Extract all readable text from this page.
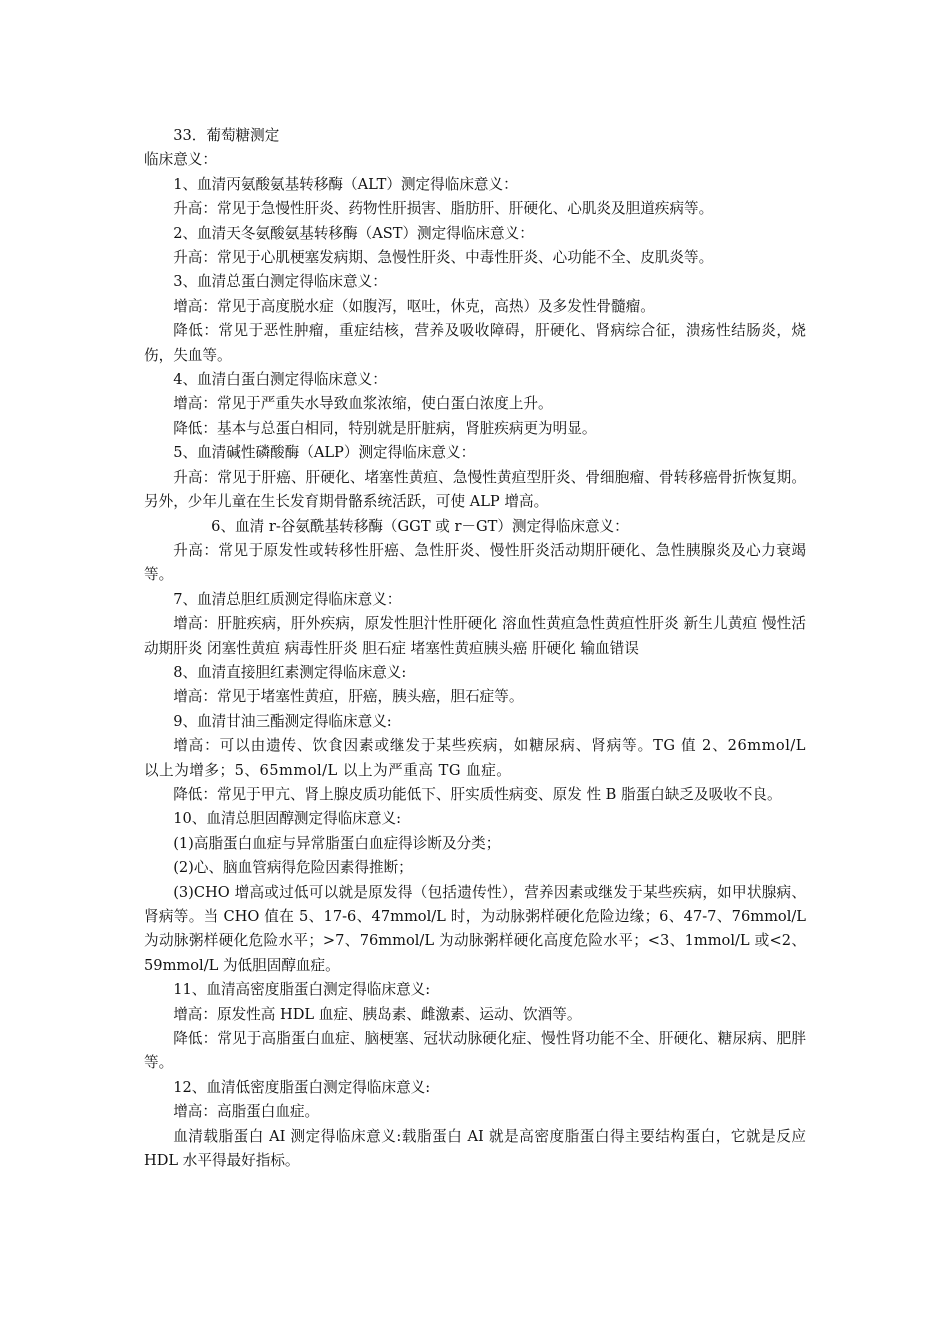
33．葡萄糖测定

临床意义：

1、血清丙氨酸氨基转移酶（ALT）测定得临床意义：

升高：常见于急慢性肝炎、药物性肝损害、脂肪肝、肝硬化、心肌炎及胆道疾病等。

2、血清天冬氨酸氨基转移酶（AST）测定得临床意义：

升高：常见于心肌梗塞发病期、急慢性肝炎、中毒性肝炎、心功能不全、皮肌炎等。

3、血清总蛋白测定得临床意义：

增高：常见于高度脱水症（如腹泻，呕吐，休克，高热）及多发性骨髓瘤。

降低：常见于恶性肿瘤，重症结核，营养及吸收障碍，肝硬化、肾病综合征，溃疡性结肠炎，烧伤，失血等。

4、血清白蛋白测定得临床意义：

增高：常见于严重失水导致血浆浓缩，使白蛋白浓度上升。

降低：基本与总蛋白相同，特别就是肝脏病，肾脏疾病更为明显。

5、血清碱性磷酸酶（ALP）测定得临床意义：

升高：常见于肝癌、肝硬化、堵塞性黄疸、急慢性黄疸型肝炎、骨细胞瘤、骨转移癌骨折恢复期。另外，少年儿童在生长发育期骨骼系统活跃，可使 ALP 增高。

6、血清 r-谷氨酰基转移酶（GGT 或 r－GT）测定得临床意义：

升高：常见于原发性或转移性肝癌、急性肝炎、慢性肝炎活动期肝硬化、急性胰腺炎及心力衰竭等。

7、血清总胆红质测定得临床意义：

增高：肝脏疾病，肝外疾病，原发性胆汁性肝硬化 溶血性黄疸急性黄疸性肝炎 新生儿黄疸 慢性活动期肝炎 闭塞性黄疸 病毒性肝炎 胆石症 堵塞性黄疸胰头癌 肝硬化 输血错误

8、血清直接胆红素测定得临床意义:

增高：常见于堵塞性黄疸，肝癌，胰头癌，胆石症等。

9、血清甘油三酯测定得临床意义:

增高：可以由遗传、饮食因素或继发于某些疾病，如糖尿病、肾病等。TG 值 2、26mmol/L 以上为增多；5、65mmol/L 以上为严重高 TG 血症。

降低：常见于甲亢、肾上腺皮质功能低下、肝实质性病变、原发 性 B 脂蛋白缺乏及吸收不良。

10、血清总胆固醇测定得临床意义:

(1)高脂蛋白血症与异常脂蛋白血症得诊断及分类；

(2)心、脑血管病得危险因素得推断；

(3)CHO 增高或过低可以就是原发得（包括遗传性），营养因素或继发于某些疾病，如甲状腺病、肾病等。当 CHO 值在 5、17-6、47mmol/L 时，为动脉粥样硬化危险边缘；6、47-7、76mmol/L 为动脉粥样硬化危险水平；>7、76mmol/L 为动脉粥样硬化高度危险水平；<3、1mmol/L 或<2、59mmol/L 为低胆固醇血症。

11、血清高密度脂蛋白测定得临床意义:

增高：原发性高 HDL 血症、胰岛素、雌激素、运动、饮酒等。

降低：常见于高脂蛋白血症、脑梗塞、冠状动脉硬化症、慢性肾功能不全、肝硬化、糖尿病、肥胖等。

12、血清低密度脂蛋白测定得临床意义:

增高：高脂蛋白血症。

血清载脂蛋白 AI 测定得临床意义:载脂蛋白 AI 就是高密度脂蛋白得主要结构蛋白，它就是反应 HDL 水平得最好指标。
